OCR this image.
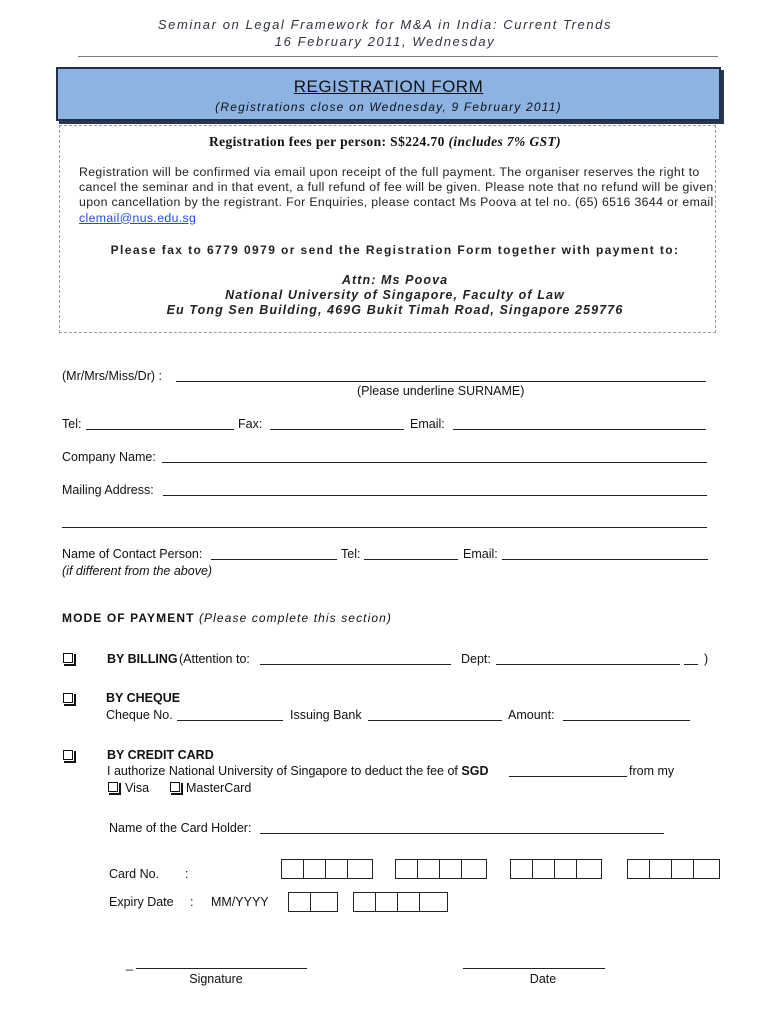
Seminar on Legal Framework for M&A in India: Current Trends
16 February 2011, Wednesday
REGISTRATION FORM
(Registrations close on Wednesday, 9 February 2011)
Registration fees per person: S$224.70 (includes 7% GST)
Registration will be confirmed via email upon receipt of the full payment. The organiser reserves the right to cancel the seminar and in that event, a full refund of fee will be given. Please note that no refund will be given upon cancellation by the registrant. For Enquiries, please contact Ms Poova at tel no. (65) 6516 3644 or email clemail@nus.edu.sg
Please fax to 6779 0979 or send the Registration Form together with payment to:
Attn: Ms Poova
National University of Singapore, Faculty of Law
Eu Tong Sen Building, 469G Bukit Timah Road, Singapore 259776
(Mr/Mrs/Miss/Dr) :
(Please underline SURNAME)
Tel:	Fax:	Email:
Company Name:
Mailing Address:
Name of Contact Person:	Tel:	Email:
(if different from the above)
MODE OF PAYMENT (Please complete this section)
BY BILLING (Attention to:	Dept:	)
BY CHEQUE
Cheque No.	Issuing Bank	Amount:
BY CREDIT CARD
I authorize National University of Singapore to deduct the fee of SGD	from my
Visa	MasterCard
Name of the Card Holder:
Card No. :
Expiry Date : MM/YYYY
_
Signature	Date
